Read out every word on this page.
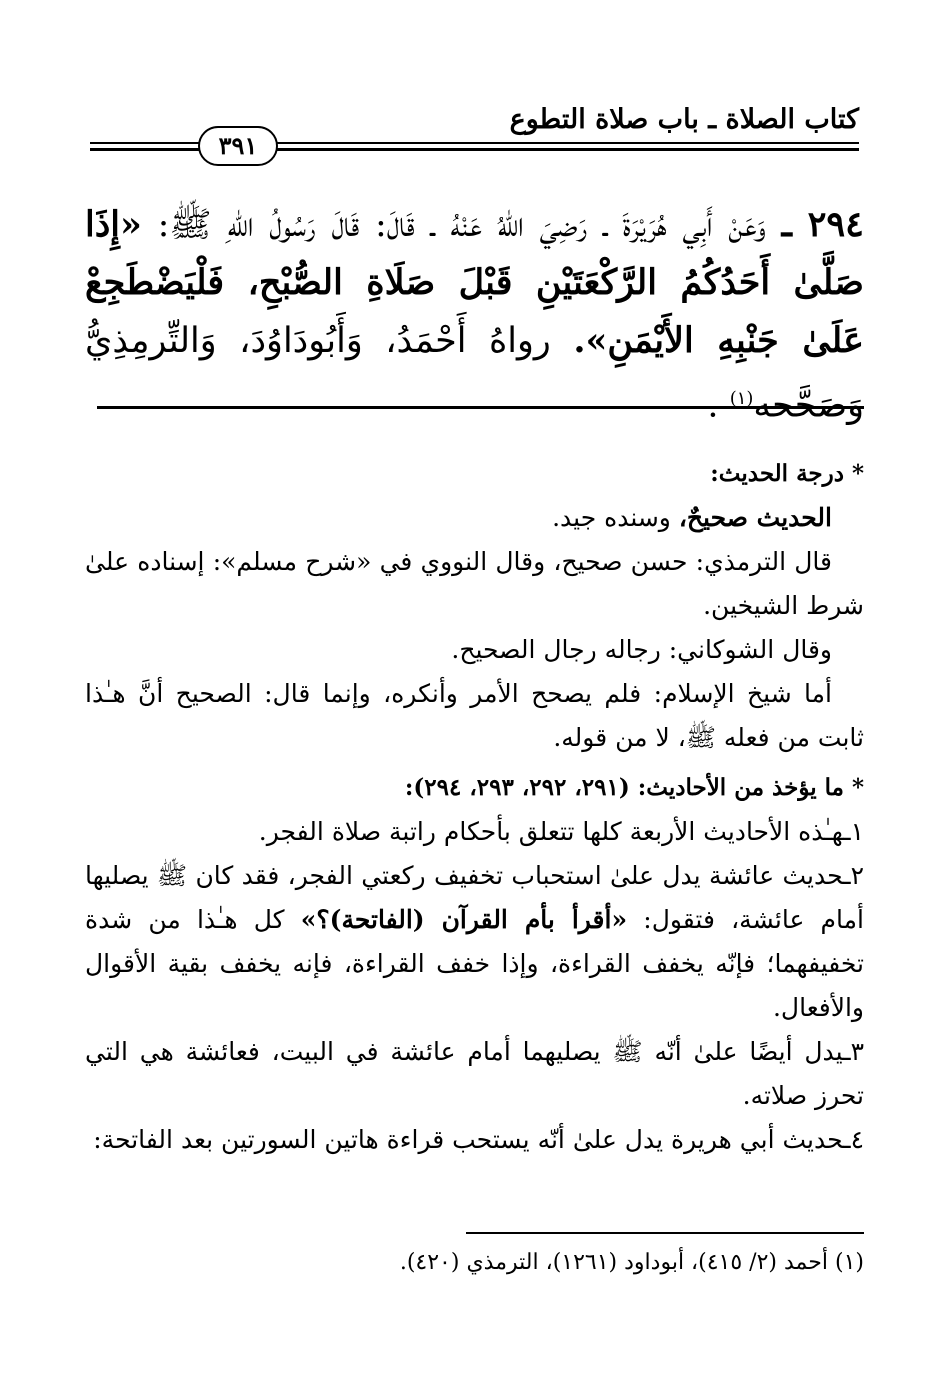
كتاب الصلاة ـ باب صلاة التطوع
٣٩١
٢٩٤ ـ وَعَنْ أَبِي هُرَيْرَةَ ـ رَضِيَ اللهُ عَنْهُ ـ قَالَ: قَالَ رَسُولُ اللهِ ﷺ: «إِذَا صَلَّىٰ أَحَدُكُمُ الرَّكْعَتَيْنِ قَبْلَ صَلَاةِ الصُّبْحِ، فَلْيَضْطَجِعْ عَلَىٰ جَنْبِهِ الأَيْمَنِ». رواهُ أَحْمَدُ، وَأَبُودَاوُدَ، وَالتِّرمِذِيُّ وَصَحَّحه$^{(١)}$ .

* درجة الحديث:

الحديث صحيحٌ، وسنده جيد.

قال الترمذي: حسن صحيح، وقال النووي في «شرح مسلم»: إسناده علىٰ شرط الشيخين.

وقال الشوكاني: رجاله رجال الصحيح.

أما شيخ الإسلام: فلم يصحح الأمر وأنكره، وإنما قال: الصحيح أنَّ هـٰذا ثابت من فعله ﷺ، لا من قوله.

* ما يؤخذ من الأحاديث: (٢٩١، ٢٩٢، ٢٩٣، ٢٩٤):

١ـهـٰذه الأحاديث الأربعة كلها تتعلق بأحكام راتبة صلاة الفجر.

٢ـحديث عائشة يدل علىٰ استحباب تخفيف ركعتي الفجر، فقد كان ﷺ يصليها أمام عائشة، فتقول: «أقرأ بأم القرآن (الفاتحة)؟» كل هـٰذا من شدة تخفيفهما؛ فإنّه يخفف القراءة، وإذا خفف القراءة، فإنه يخفف بقية الأقوال والأفعال.

٣ـيدل أيضًا علىٰ أنّه ﷺ يصليهما أمام عائشة في البيت، فعائشة هي التي تحرز صلاته.

٤ـحديث أبي هريرة يدل علىٰ أنّه يستحب قراءة هاتين السورتين بعد الفاتحة:

(١) أحمد (٢/ ٤١٥)، أبوداود (١٢٦١)، الترمذي (٤٢٠).
